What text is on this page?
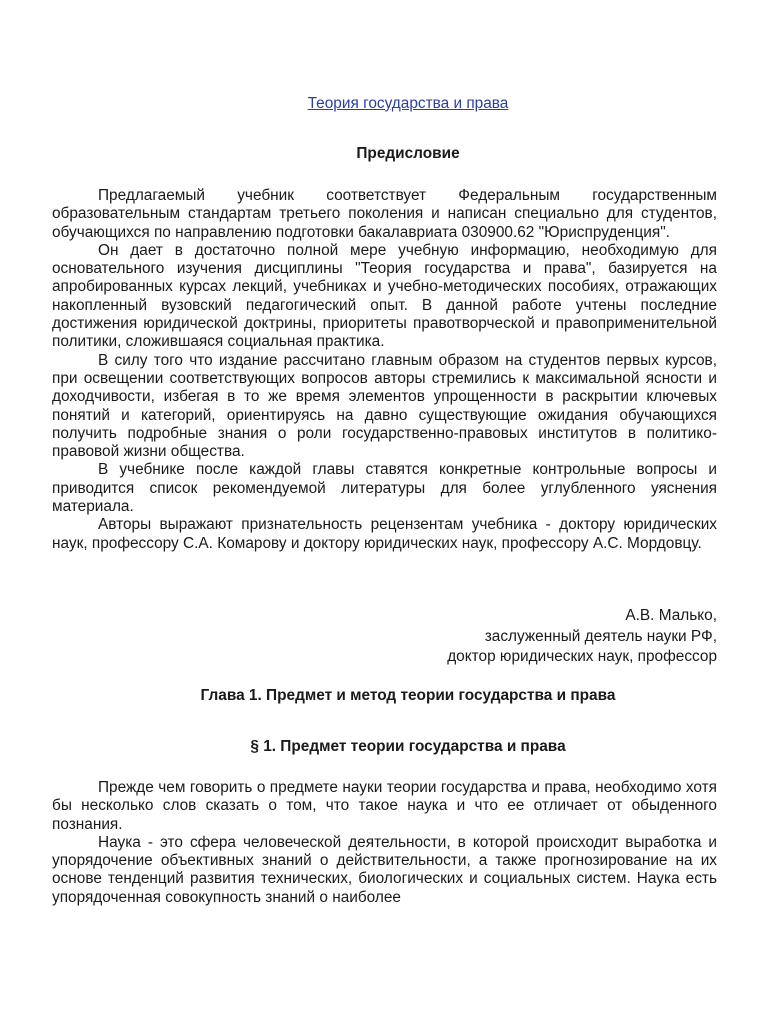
Теория государства и права
Предисловие

Предлагаемый учебник соответствует Федеральным государственным образовательным стандартам третьего поколения и написан специально для студентов, обучающихся по направлению подготовки бакалавриата 030900.62 "Юриспруденция".

Он дает в достаточно полной мере учебную информацию, необходимую для основательного изучения дисциплины "Теория государства и права", базируется на апробированных курсах лекций, учебниках и учебно-методических пособиях, отражающих накопленный вузовский педагогический опыт. В данной работе учтены последние достижения юридической доктрины, приоритеты правотворческой и правоприменительной политики, сложившаяся социальная практика.

В силу того что издание рассчитано главным образом на студентов первых курсов, при освещении соответствующих вопросов авторы стремились к максимальной ясности и доходчивости, избегая в то же время элементов упрощенности в раскрытии ключевых понятий и категорий, ориентируясь на давно существующие ожидания обучающихся получить подробные знания о роли государственно-правовых институтов в политико-правовой жизни общества.

В учебнике после каждой главы ставятся конкретные контрольные вопросы и приводится список рекомендуемой литературы для более углубленного уяснения материала.

Авторы выражают признательность рецензентам учебника - доктору юридических наук, профессору С.А. Комарову и доктору юридических наук, профессору А.С. Мордовцу.

А.В. Малько,
заслуженный деятель науки РФ,
доктор юридических наук, профессор
Глава 1. Предмет и метод теории государства и права
§ 1. Предмет теории государства и права

Прежде чем говорить о предмете науки теории государства и права, необходимо хотя бы несколько слов сказать о том, что такое наука и что ее отличает от обыденного познания.

Наука - это сфера человеческой деятельности, в которой происходит выработка и упорядочение объективных знаний о действительности, а также прогнозирование на их основе тенденций развития технических, биологических и социальных систем. Наука есть упорядоченная совокупность знаний о наиболее
